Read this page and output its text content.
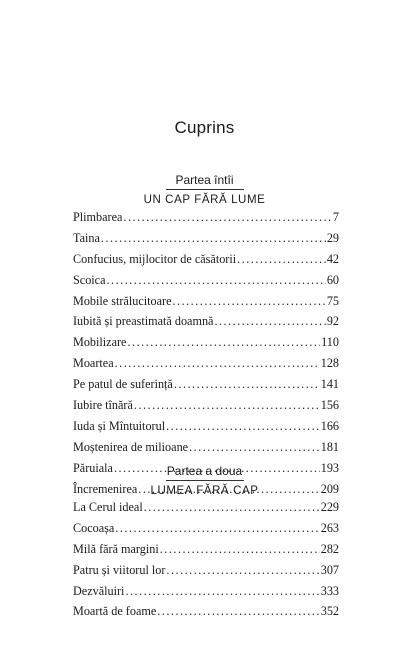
Cuprins
Partea întîi
UN CAP FĂRĂ LUME
Plimbarea .....	7
Taina .....	29
Confucius, mijlocitor de căsătorii .....	42
Scoica .....	60
Mobile strălucitoare .....	75
Iubită și preastimată doamnă .....	92
Mobilizare .....	110
Moartea .....	128
Pe patul de suferință .....	141
Iubire tînără .....	156
Iuda și Mîntuitorul .....	166
Moștenirea de milioane .....	181
Păruiala .....	193
Încremenirea .....	209
Partea a doua
LUMEA FĂRĂ CAP
La Cerul ideal .....	229
Cocoașa .....	263
Milă fără margini .....	282
Patru și viitorul lor .....	307
Dezvăluiri .....	333
Moartă de foame .....	352
